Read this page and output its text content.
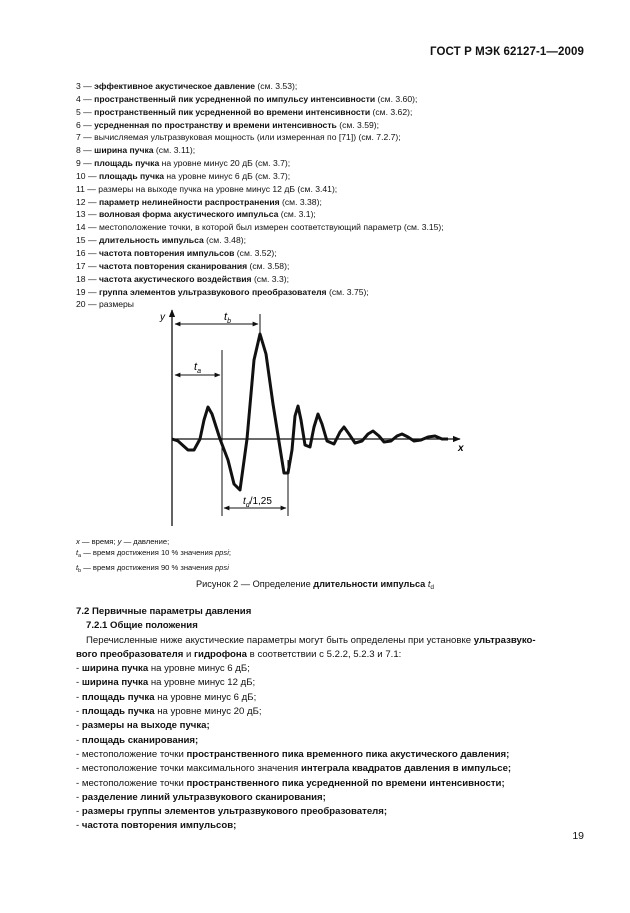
ГОСТ Р МЭК 62127-1—2009
3 — эффективное акустическое давление (см. 3.53);
4 — пространственный пик усредненной по импульсу интенсивности (см. 3.60);
5 — пространственный пик усредненной во времени интенсивности (см. 3.62);
6 — усредненная по пространству и времени интенсивность (см. 3.59);
7 — вычисляемая ультразвуковая мощность (или измеренная по [71]) (см. 7.2.7);
8 — ширина пучка (см. 3.11);
9 — площадь пучка на уровне минус 20 дБ (см. 3.7);
10 — площадь пучка на уровне минус 6 дБ (см. 3.7);
11 — размеры на выходе пучка на уровне минус 12 дБ (см. 3.41);
12 — параметр нелинейности распространения (см. 3.38);
13 — волновая форма акустического импульса (см. 3.1);
14 — местоположение точки, в которой был измерен соответствующий параметр (см. 3.15);
15 — длительность импульса (см. 3.48);
16 — частота повторения импульсов (см. 3.52);
17 — частота повторения сканирования (см. 3.58);
18 — частота акустического воздействия (см. 3.3);
19 — группа элементов ультразвукового преобразователя (см. 3.75);
20 — размеры
y
x
$t_b$
$t_a$
$t_d/1,25$
x — время; y — давление;
$t_a$ — время достижения 10 % значения ppsi;
$t_b$ — время достижения 90 % значения ppsi
Рисунок 2 — Определение длительности импульса $t_d$
7.2 Первичные параметры давления
7.2.1 Общие положения
Перечисленные ниже акустические параметры могут быть определены при установке ультразвуко-
вого преобразователя и гидрофона в соответствии с 5.2.2, 5.2.3 и 7.1:
- ширина пучка на уровне минус 6 дБ;
- ширина пучка на уровне минус 12 дБ;
- площадь пучка на уровне минус 6 дБ;
- площадь пучка на уровне минус 20 дБ;
- размеры на выходе пучка;
- площадь сканирования;
- местоположение точки пространственного пика временного пика акустического давления;
- местоположение точки максимального значения интеграла квадратов давления в импульсе;
- местоположение точки пространственного пика усредненной по времени интенсивности;
- разделение линий ультразвукового сканирования;
- размеры группы элементов ультразвукового преобразователя;
- частота повторения импульсов;
19
